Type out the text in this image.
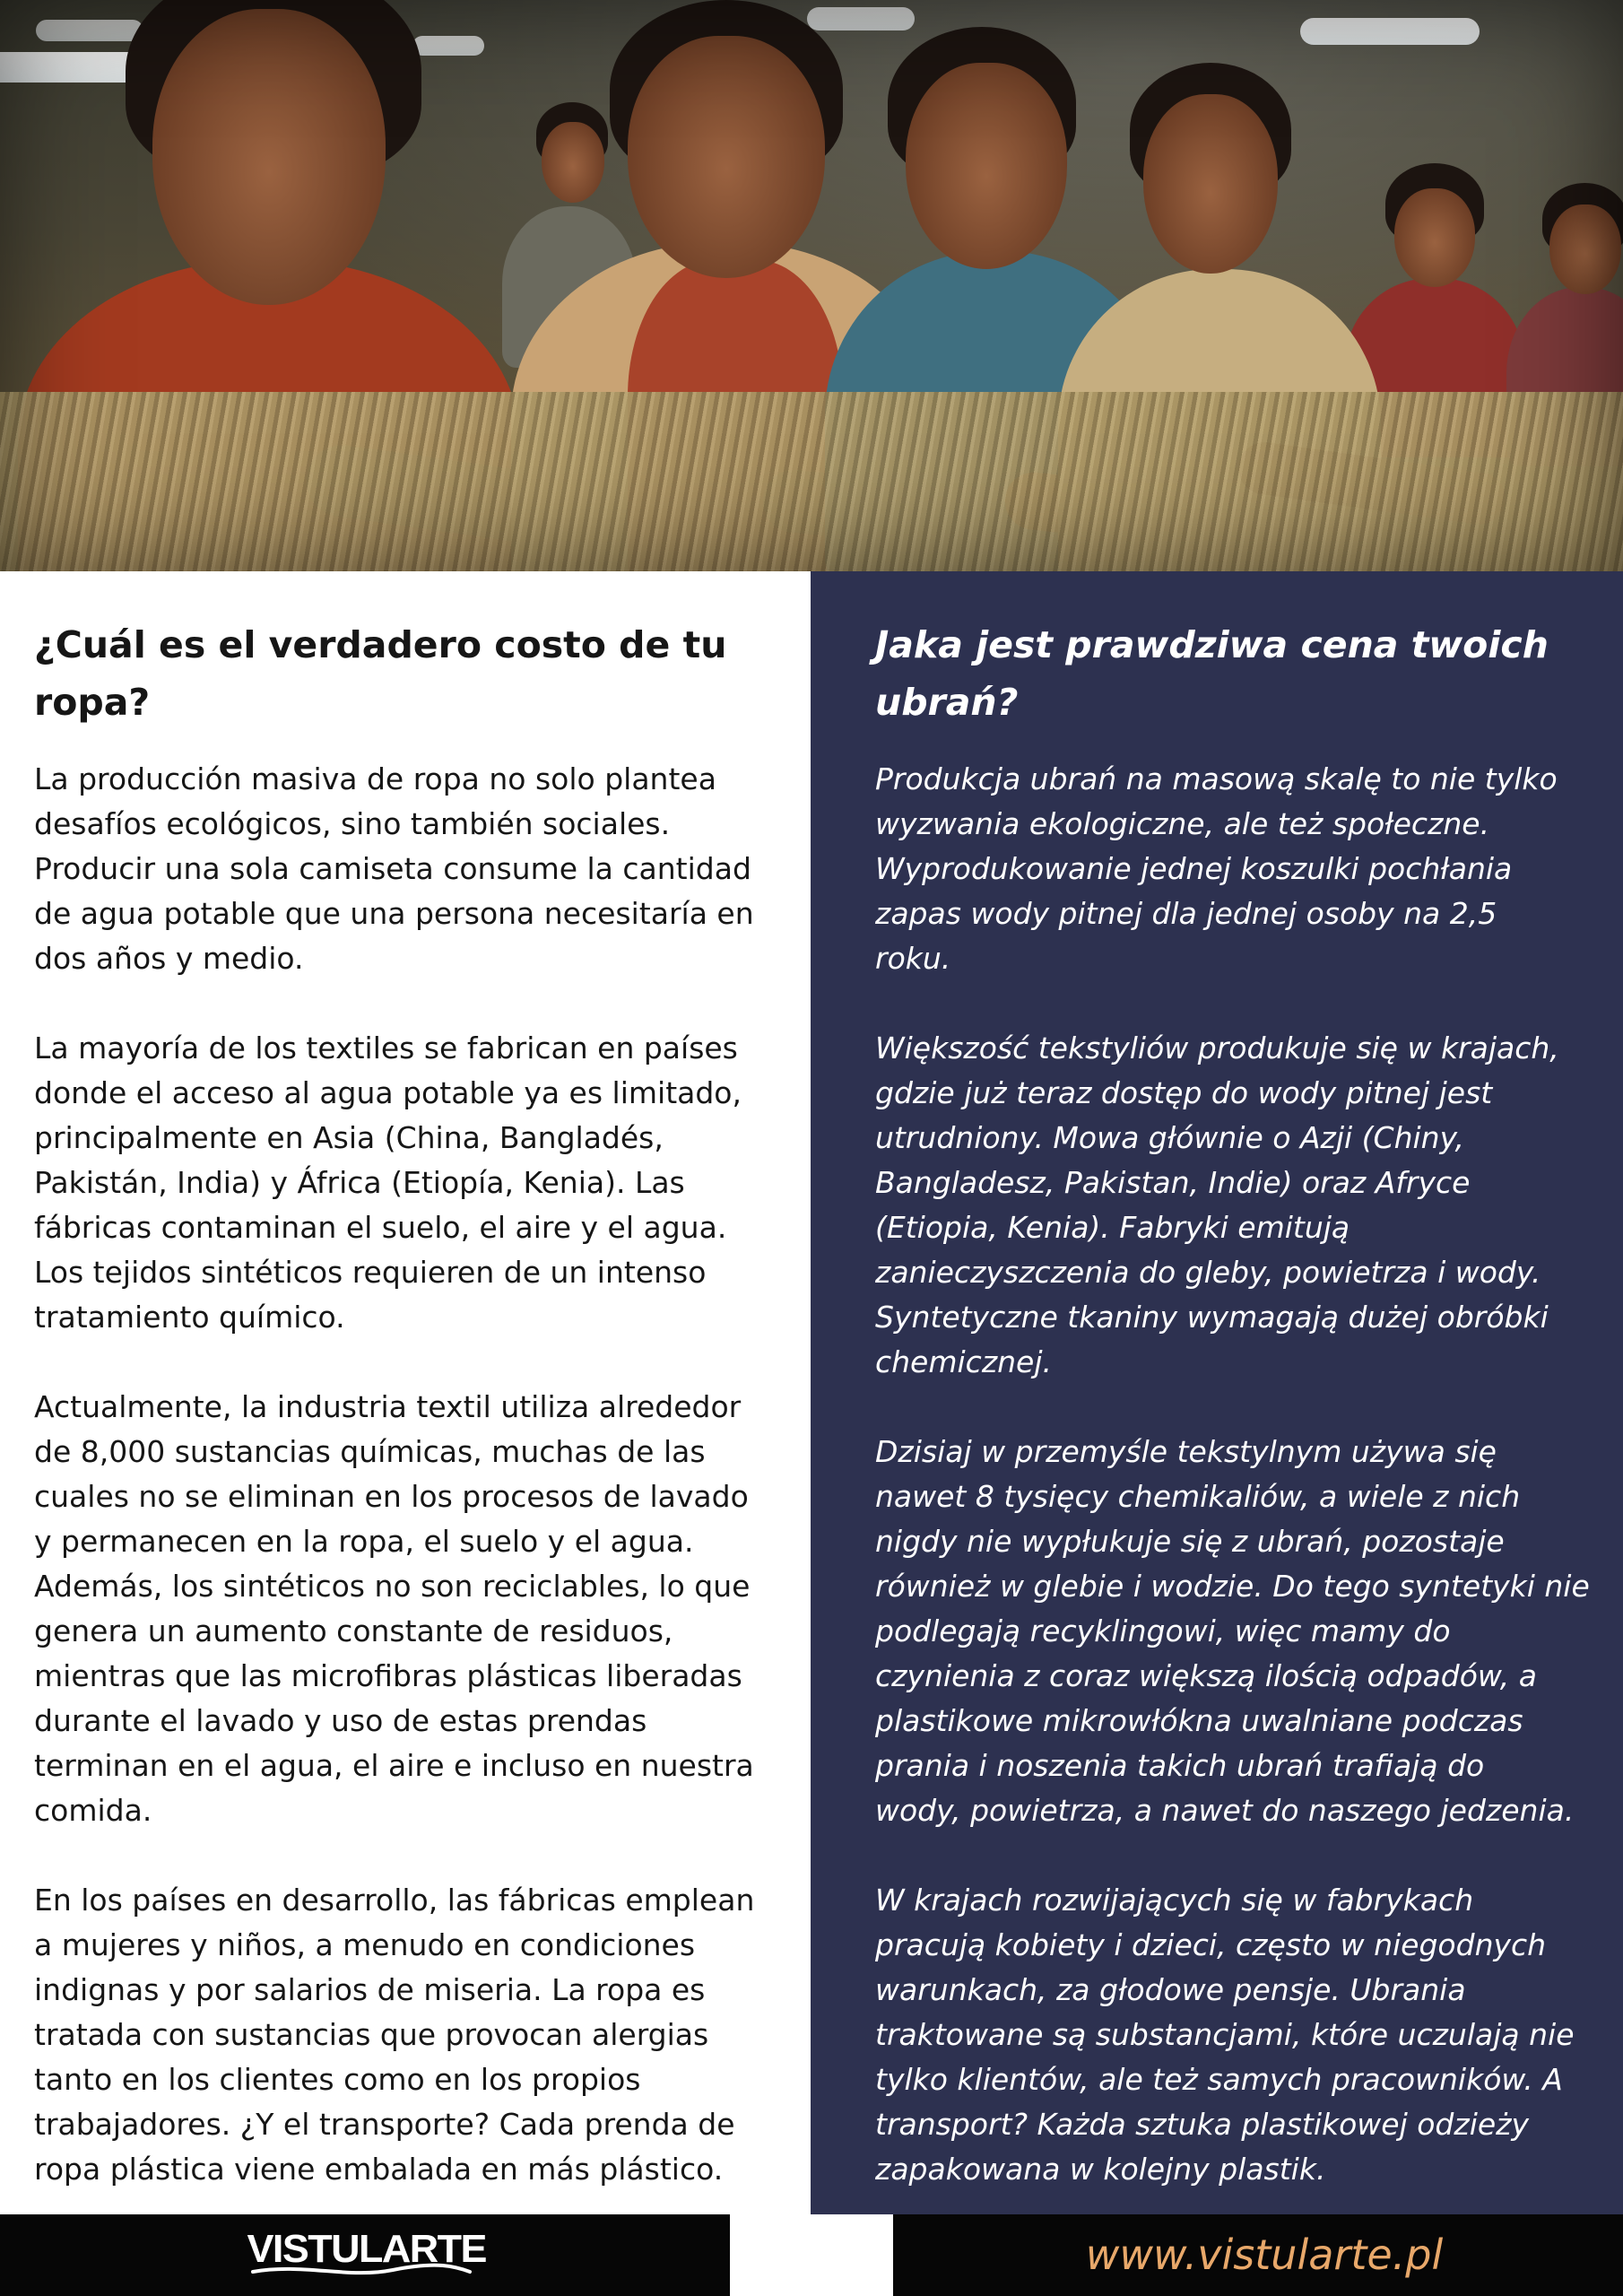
¿Cuál es el verdadero costo de tu ropa?
La producción masiva de ropa no solo plantea
desafíos ecológicos, sino también sociales.
Producir una sola camiseta consume la cantidad
de agua potable que una persona necesitaría en
dos años y medio.

La mayoría de los textiles se fabrican en países
donde el acceso al agua potable ya es limitado,
principalmente en Asia (China, Bangladés,
Pakistán, India) y África (Etiopía, Kenia). Las
fábricas contaminan el suelo, el aire y el agua.
Los tejidos sintéticos requieren de un intenso
tratamiento químico.

Actualmente, la industria textil utiliza alrededor
de 8,000 sustancias químicas, muchas de las
cuales no se eliminan en los procesos de lavado
y permanecen en la ropa, el suelo y el agua.
Además, los sintéticos no son reciclables, lo que
genera un aumento constante de residuos,
mientras que las microfibras plásticas liberadas
durante el lavado y uso de estas prendas
terminan en el agua, el aire e incluso en nuestra
comida.

En los países en desarrollo, las fábricas emplean
a mujeres y niños, a menudo en condiciones
indignas y por salarios de miseria. La ropa es
tratada con sustancias que provocan alergias
tanto en los clientes como en los propios
trabajadores. ¿Y el transporte? Cada prenda de
ropa plástica viene embalada en más plástico.
Jaka jest prawdziwa cena twoich ubrań?
Produkcja ubrań na masową skalę to nie tylko
wyzwania ekologiczne, ale też społeczne.
Wyprodukowanie jednej koszulki pochłania
zapas wody pitnej dla jednej osoby na 2,5
roku.

Większość tekstyliów produkuje się w krajach,
gdzie już teraz dostęp do wody pitnej jest
utrudniony. Mowa głównie o Azji (Chiny,
Bangladesz, Pakistan, Indie) oraz Afryce
(Etiopia, Kenia). Fabryki emitują
zanieczyszczenia do gleby, powietrza i wody.
Syntetyczne tkaniny wymagają dużej obróbki
chemicznej.

Dzisiaj w przemyśle tekstylnym używa się
nawet 8 tysięcy chemikaliów, a wiele z nich
nigdy nie wypłukuje się z ubrań, pozostaje
również w glebie i wodzie. Do tego syntetyki nie
podlegają recyklingowi, więc mamy do
czynienia z coraz większą ilością odpadów, a
plastikowe mikrowłókna uwalniane podczas
prania i noszenia takich ubrań trafiają do
wody, powietrza, a nawet do naszego jedzenia.

W krajach rozwijających się w fabrykach
pracują kobiety i dzieci, często w niegodnych
warunkach, za głodowe pensje. Ubrania
traktowane są substancjami, które uczulają nie
tylko klientów, ale też samych pracowników. A
transport? Każda sztuka plastikowej odzieży
zapakowana w kolejny plastik.
VISTULARTE	www.vistularte.pl
